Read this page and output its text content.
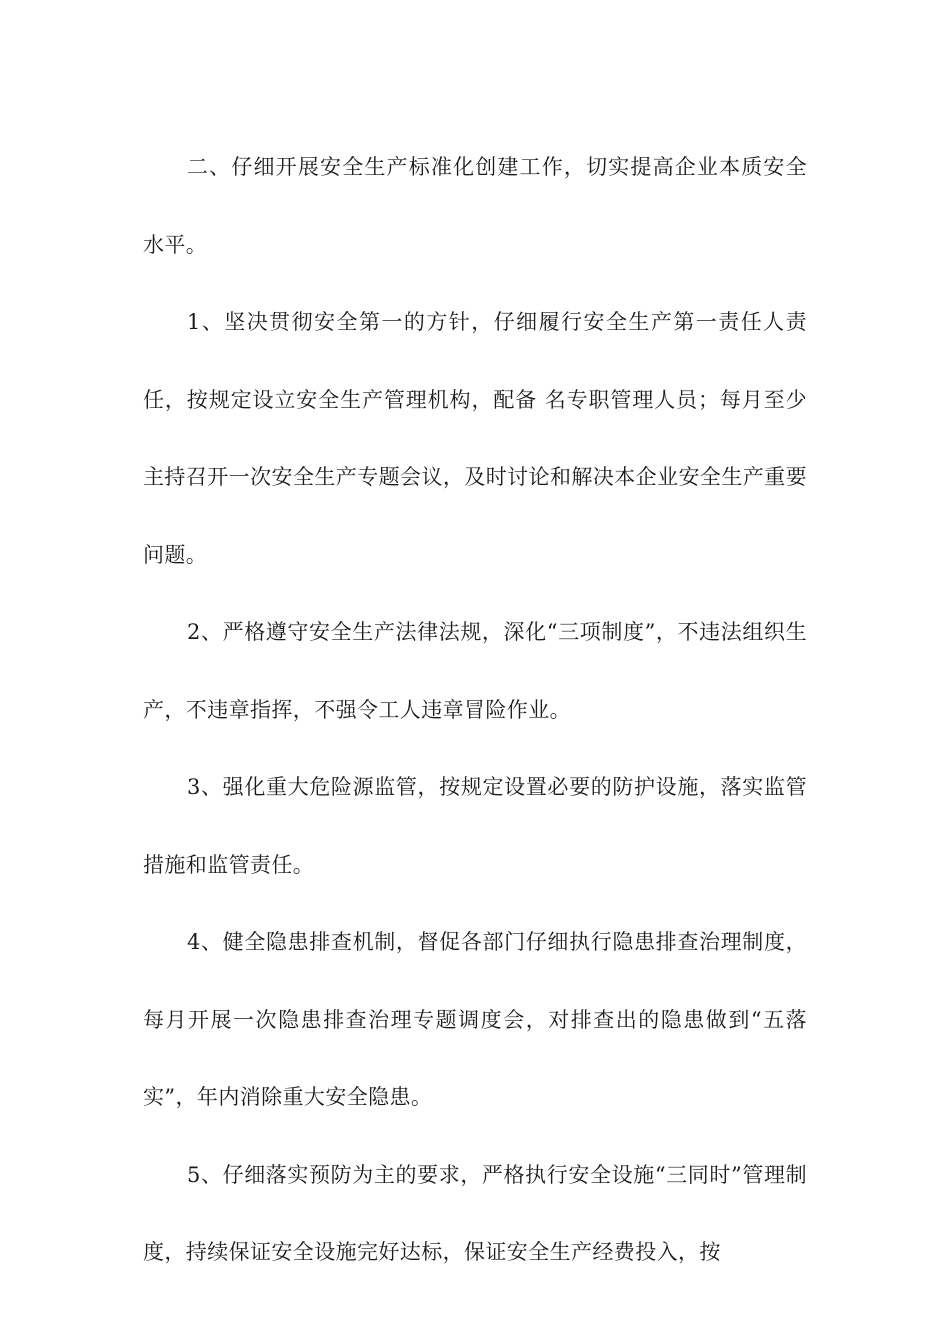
二、仔细开展安全生产标准化创建工作，切实提高企业本质安全水平。

1、坚决贯彻安全第一的方针，仔细履行安全生产第一责任人责任，按规定设立安全生产管理机构，配备 名专职管理人员；每月至少主持召开一次安全生产专题会议，及时讨论和解决本企业安全生产重要问题。

2、严格遵守安全生产法律法规，深化“三项制度”，不违法组织生产，不违章指挥，不强令工人违章冒险作业。

3、强化重大危险源监管，按规定设置必要的防护设施，落实监管措施和监管责任。

4、健全隐患排查机制，督促各部门仔细执行隐患排查治理制度，每月开展一次隐患排查治理专题调度会，对排查出的隐患做到“五落实”，年内消除重大安全隐患。

5、仔细落实预防为主的要求，严格执行安全设施“三同时”管理制度，持续保证安全设施完好达标，保证安全生产经费投入，按
